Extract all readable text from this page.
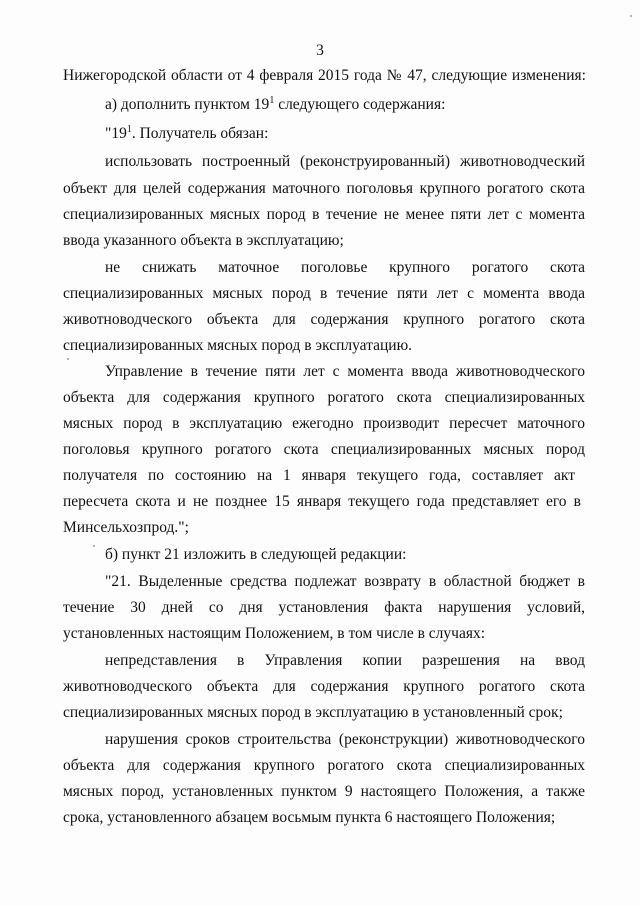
3
Нижегородской области от 4 февраля 2015 года № 47, следующие изменения:
а) дополнить пунктом $19^1$ следующего содержания:
"$19^1$. Получатель обязан:
использовать построенный (реконструированный) животноводческий
объект для целей содержания маточного поголовья крупного рогатого скота
специализированных мясных пород в течение не менее пяти лет с момента
ввода указанного объекта в эксплуатацию;
не снижать маточное поголовье крупного рогатого скота
специализированных мясных пород в течение пяти лет с момента ввода
животноводческого объекта для содержания крупного рогатого скота
специализированных мясных пород в эксплуатацию.
Управление в течение пяти лет с момента ввода животноводческого
объекта для содержания крупного рогатого скота специализированных
мясных пород в эксплуатацию ежегодно производит пересчет маточного
поголовья крупного рогатого скота специализированных мясных пород
получателя по состоянию на 1 января текущего года, составляет акт
пересчета скота и не позднее 15 января текущего года представляет его в
Минсельхозпрод.";
б) пункт 21 изложить в следующей редакции:
"21. Выделенные средства подлежат возврату в областной бюджет в
течение 30 дней со дня установления факта нарушения условий,
установленных настоящим Положением, в том числе в случаях:
непредставления в Управления копии разрешения на ввод
животноводческого объекта для содержания крупного рогатого скота
специализированных мясных пород в эксплуатацию в установленный срок;
нарушения сроков строительства (реконструкции) животноводческого
объекта для содержания крупного рогатого скота специализированных
мясных пород, установленных пунктом 9 настоящего Положения, а также
срока, установленного абзацем восьмым пункта 6 настоящего Положения;
